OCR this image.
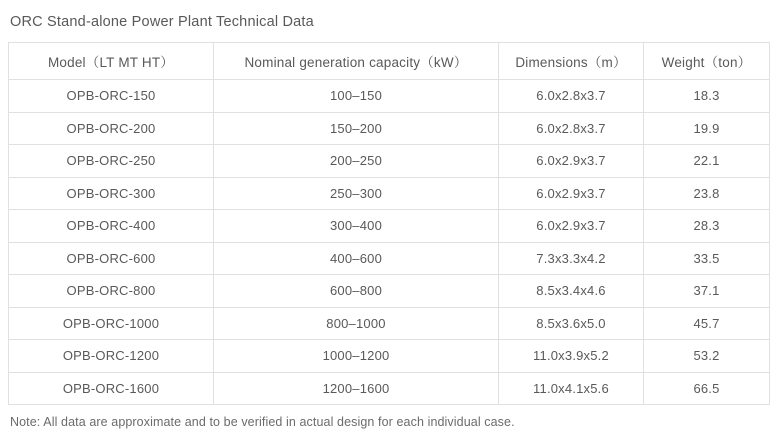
ORC Stand-alone Power Plant Technical Data
Model（LT MT HT）	Nominal generation capacity（kW）	Dimensions（m）	Weight（ton）
OPB-ORC-150	100–150	6.0x2.8x3.7	18.3
OPB-ORC-200	150–200	6.0x2.8x3.7	19.9
OPB-ORC-250	200–250	6.0x2.9x3.7	22.1
OPB-ORC-300	250–300	6.0x2.9x3.7	23.8
OPB-ORC-400	300–400	6.0x2.9x3.7	28.3
OPB-ORC-600	400–600	7.3x3.3x4.2	33.5
OPB-ORC-800	600–800	8.5x3.4x4.6	37.1
OPB-ORC-1000	800–1000	8.5x3.6x5.0	45.7
OPB-ORC-1200	1000–1200	11.0x3.9x5.2	53.2
OPB-ORC-1600	1200–1600	11.0x4.1x5.6	66.5
Note: All data are approximate and to be verified in actual design for each individual case.
